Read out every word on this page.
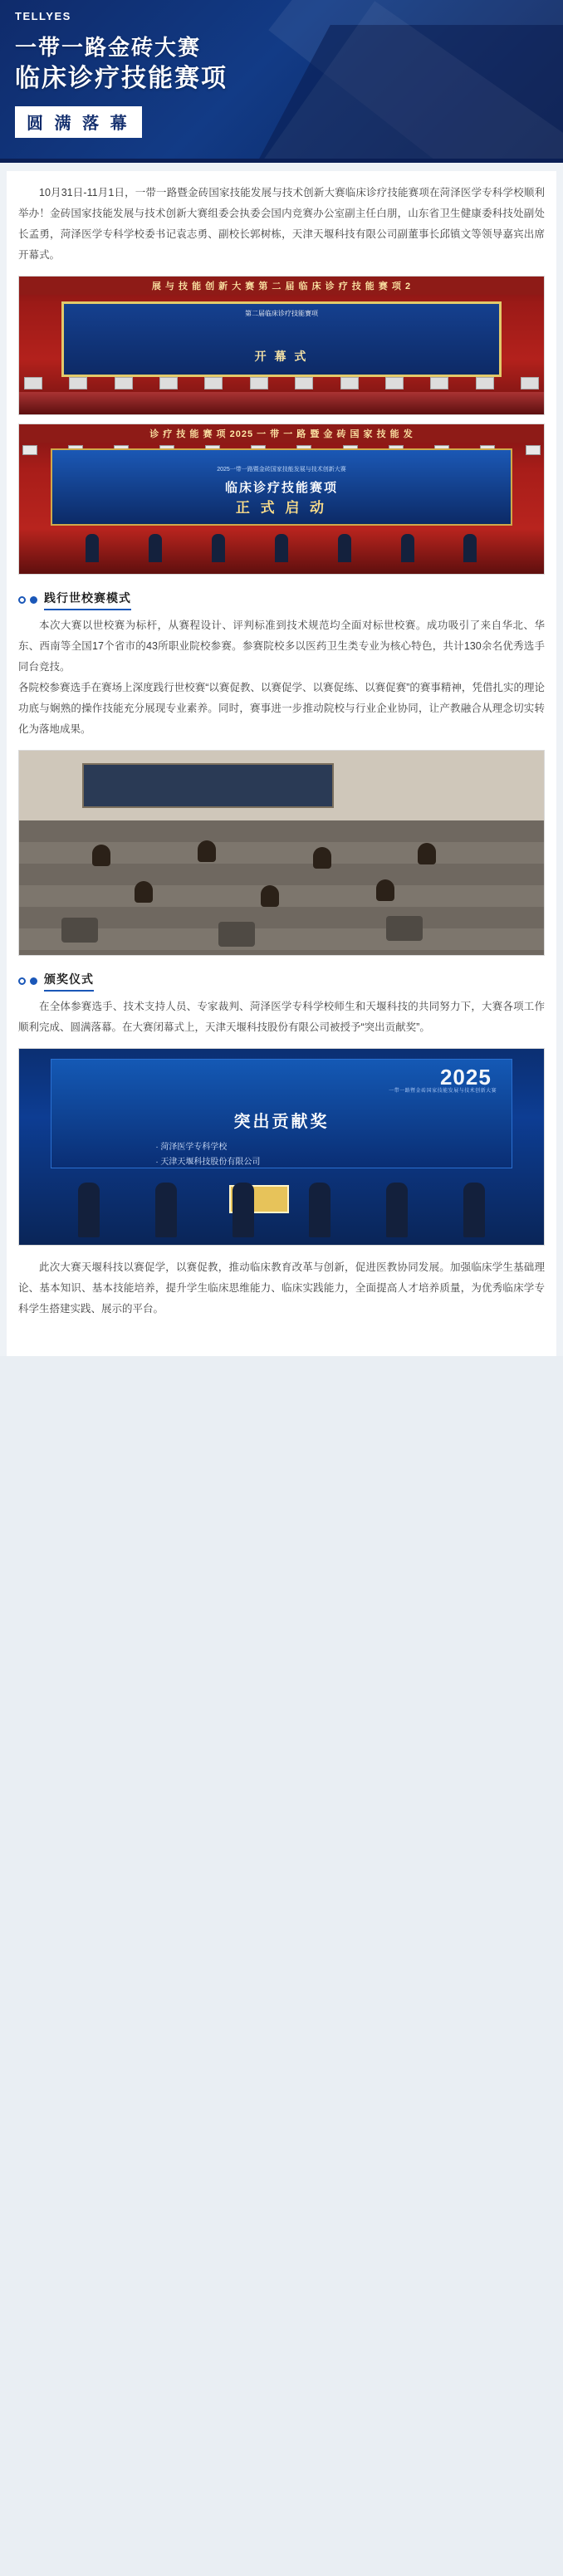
TELLYES
一带一路金砖大赛
临床诊疗技能赛项
圆 满 落 幕

10月31日-11月1日，一带一路暨金砖国家技能发展与技术创新大赛临床诊疗技能赛项在菏泽医学专科学校顺利举办！金砖国家技能发展与技术创新大赛组委会执委会国内竞赛办公室副主任白朋，山东省卫生健康委科技处副处长孟勇，菏泽医学专科学校委书记袁志勇、副校长郭树栋，天津天堰科技有限公司副董事长邱镇文等领导嘉宾出席开幕式。

展 与 技 能 创 新 大 赛 第 二 届 临 床 诊 疗 技 能 赛 项 2
第二届临床诊疗技能赛项
开 幕 式
诊 疗 技 能 赛 项 2025 一 带 一 路 暨 金 砖 国 家 技 能 发
2025一带一路暨金砖国家技能发展与技术创新大赛
临床诊疗技能赛项
正 式 启 动
践行世校赛模式

本次大赛以世校赛为标杆，从赛程设计、评判标准到技术规范均全面对标世校赛。成功吸引了来自华北、华东、西南等全国17个省市的43所职业院校参赛。参赛院校多以医药卫生类专业为核心特色，共计130余名优秀选手同台竞技。
各院校参赛选手在赛场上深度践行世校赛“以赛促教、以赛促学、以赛促练、以赛促赛”的赛事精神，凭借扎实的理论功底与娴熟的操作技能充分展现专业素养。同时，赛事进一步推动院校与行业企业协同，让产教融合从理念切实转化为落地成果。

颁奖仪式

在全体参赛选手、技术支持人员、专家裁判、菏泽医学专科学校师生和天堰科技的共同努力下，大赛各项工作顺利完成、圆满落幕。在大赛闭幕式上，天津天堰科技股份有限公司被授予“突出贡献奖”。

2025
一带一路暨金砖国家技能发展与技术创新大赛
突出贡献奖
· 菏泽医学专科学校
· 天津天堰科技股份有限公司

此次大赛天堰科技以赛促学，以赛促教，推动临床教育改革与创新，促进医教协同发展。加强临床学生基础理论、基本知识、基本技能培养，提升学生临床思维能力、临床实践能力，全面提高人才培养质量，为优秀临床学专科学生搭建实践、展示的平台。
